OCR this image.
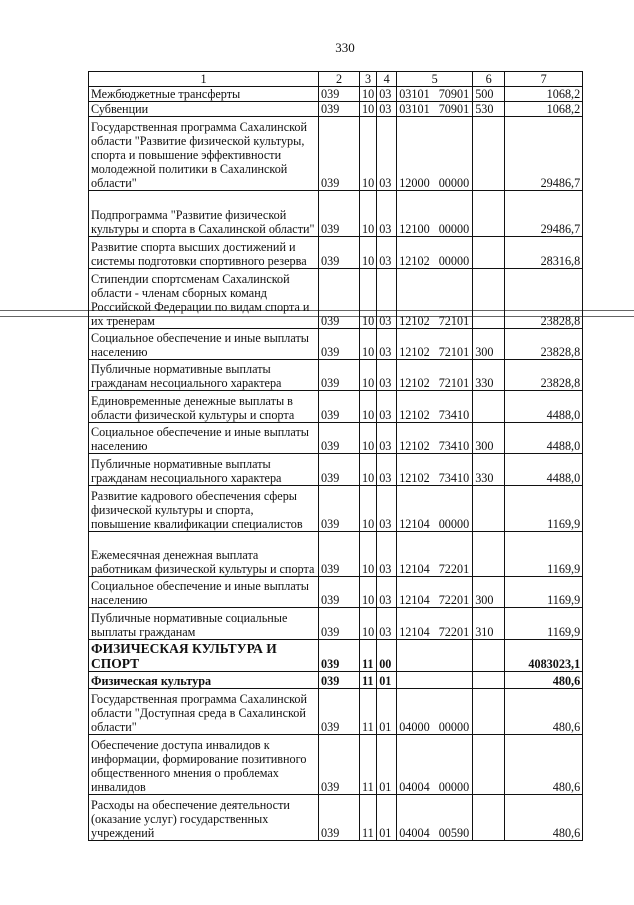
330
1	2	3	4	5	6	7
Межбюджетные трансферты	039	10	03	03101 70901	500	1068,2
Субвенции	039	10	03	03101 70901	530	1068,2
Государственная программа Сахалинской области "Развитие физической культуры, спорта и повышение эффективности молодежной политики в Сахалинской области"	039	10	03	12000 00000		29486,7
Подпрограмма "Развитие физической культуры и спорта в Сахалинской области"	039	10	03	12100 00000		29486,7
Развитие спорта высших достижений и системы подготовки спортивного резерва	039	10	03	12102 00000		28316,8
Стипендии спортсменам Сахалинской области - членам сборных команд Российской Федерации по видам спорта и их тренерам	039	10	03	12102 72101		23828,8
Социальное обеспечение и иные выплаты населению	039	10	03	12102 72101	300	23828,8
Публичные нормативные выплаты гражданам несоциального характера	039	10	03	12102 72101	330	23828,8
Единовременные денежные выплаты в области физической культуры и спорта	039	10	03	12102 73410		4488,0
Социальное обеспечение и иные выплаты населению	039	10	03	12102 73410	300	4488,0
Публичные нормативные выплаты гражданам несоциального характера	039	10	03	12102 73410	330	4488,0
Развитие кадрового обеспечения сферы физической культуры и спорта, повышение квалификации специалистов	039	10	03	12104 00000		1169,9
Ежемесячная денежная выплата работникам физической культуры и спорта	039	10	03	12104 72201		1169,9
Социальное обеспечение и иные выплаты населению	039	10	03	12104 72201	300	1169,9
Публичные нормативные социальные выплаты гражданам	039	10	03	12104 72201	310	1169,9
ФИЗИЧЕСКАЯ КУЛЬТУРА И СПОРТ	039	11	00			4083023,1
Физическая культура	039	11	01			480,6
Государственная программа Сахалинской области "Доступная среда в Сахалинской области"	039	11	01	04000 00000		480,6
Обеспечение доступа инвалидов к информации, формирование позитивного общественного мнения о проблемах инвалидов	039	11	01	04004 00000		480,6
Расходы на обеспечение деятельности (оказание услуг) государственных учреждений	039	11	01	04004 00590		480,6
